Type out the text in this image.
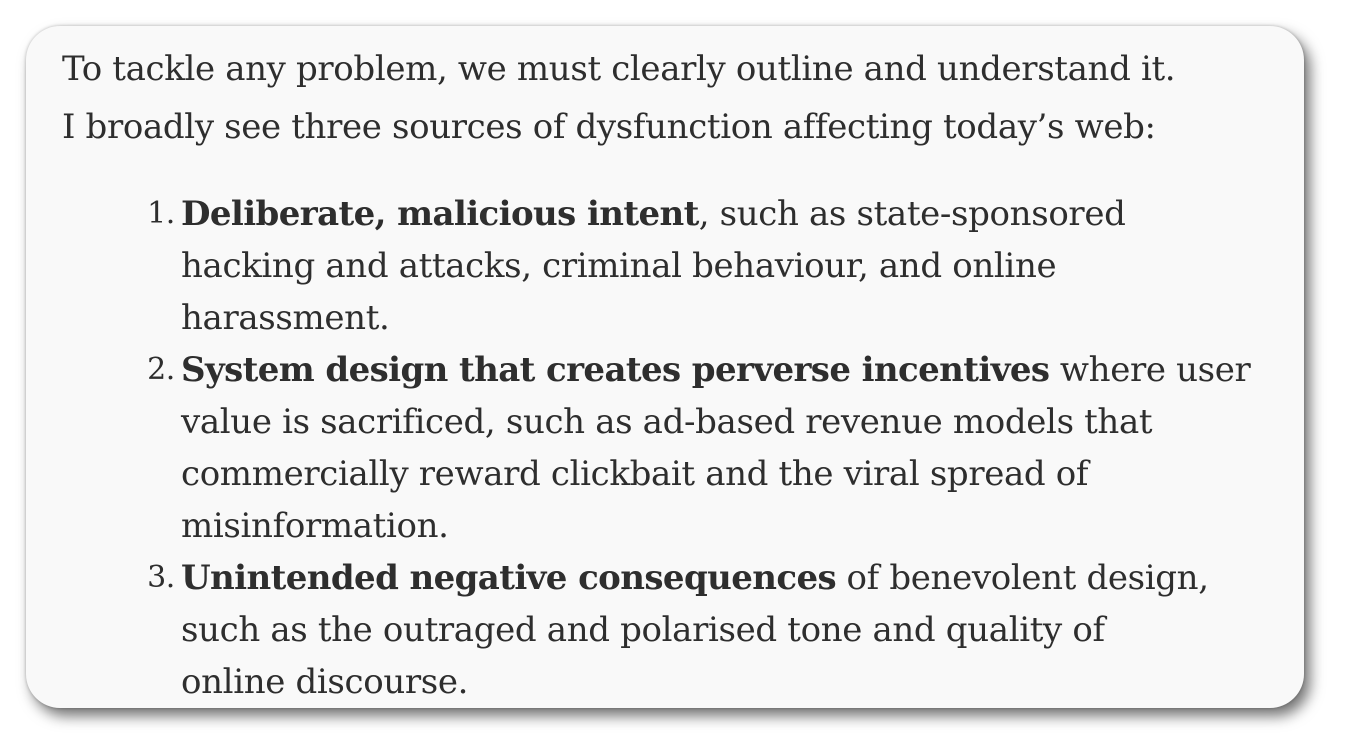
To tackle any problem, we must clearly outline and understand it.
I broadly see three sources of dysfunction affecting today’s web:

1. Deliberate, malicious intent, such as state-sponsored
hacking and attacks, criminal behaviour, and online
harassment.
2. System design that creates perverse incentives where user
value is sacrificed, such as ad-based revenue models that
commercially reward clickbait and the viral spread of
misinformation.
3. Unintended negative consequences of benevolent design,
such as the outraged and polarised tone and quality of
online discourse.
